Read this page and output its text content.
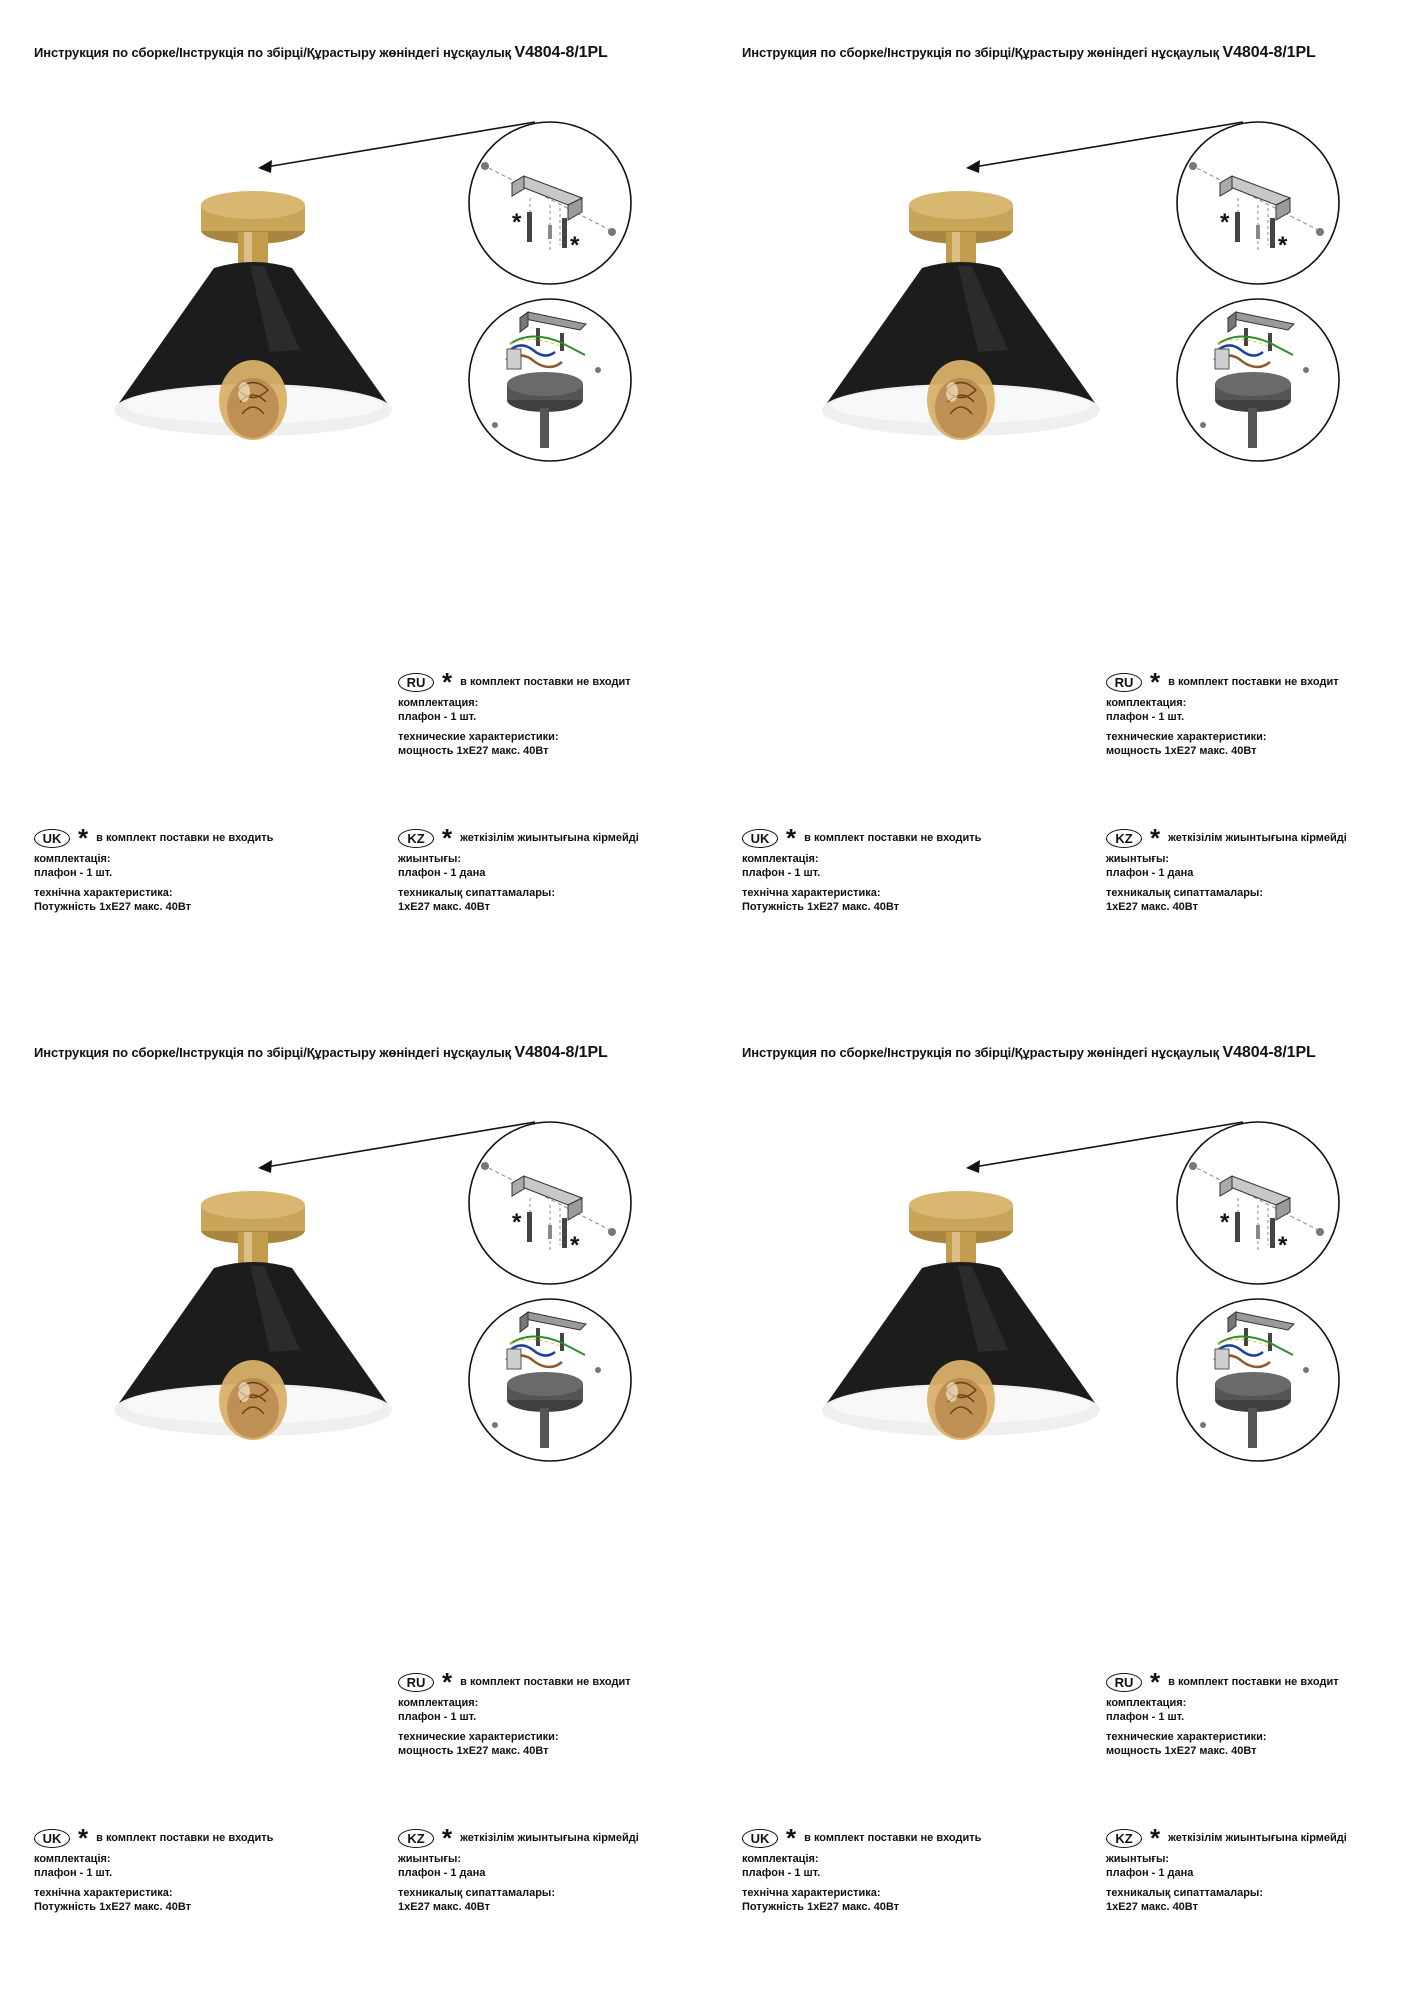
Инструкция по сборке/Інструкція по збірці/Құрастыру жөніндегі нұсқаулық V4804-8/1PL
*
*
RU * в комплект поставки не входит
комплектация:
плафон - 1 шт.
технические характеристики:
мощность 1xE27 макс. 40Вт
UK * в комплект поставки не входить
комплектація:
плафон - 1 шт.
технічна характеристика:
Потужність 1xE27 макс. 40Вт
KZ * жеткізілім жиынтығына кірмейді
жиынтығы:
плафон - 1 дана
техникалық сипаттамалары:
1xE27 макс. 40Вт
Инструкция по сборке/Інструкція по збірці/Құрастыру жөніндегі нұсқаулық V4804-8/1PL
*
*
RU * в комплект поставки не входит
комплектация:
плафон - 1 шт.
технические характеристики:
мощность 1xE27 макс. 40Вт
UK * в комплект поставки не входить
комплектація:
плафон - 1 шт.
технічна характеристика:
Потужність 1xE27 макс. 40Вт
KZ * жеткізілім жиынтығына кірмейді
жиынтығы:
плафон - 1 дана
техникалық сипаттамалары:
1xE27 макс. 40Вт
Инструкция по сборке/Інструкція по збірці/Құрастыру жөніндегі нұсқаулық V4804-8/1PL
*
*
RU * в комплект поставки не входит
комплектация:
плафон - 1 шт.
технические характеристики:
мощность 1xE27 макс. 40Вт
UK * в комплект поставки не входить
комплектація:
плафон - 1 шт.
технічна характеристика:
Потужність 1xE27 макс. 40Вт
KZ * жеткізілім жиынтығына кірмейді
жиынтығы:
плафон - 1 дана
техникалық сипаттамалары:
1xE27 макс. 40Вт
Инструкция по сборке/Інструкція по збірці/Құрастыру жөніндегі нұсқаулық V4804-8/1PL
*
*
RU * в комплект поставки не входит
комплектация:
плафон - 1 шт.
технические характеристики:
мощность 1xE27 макс. 40Вт
UK * в комплект поставки не входить
комплектація:
плафон - 1 шт.
технічна характеристика:
Потужність 1xE27 макс. 40Вт
KZ * жеткізілім жиынтығына кірмейді
жиынтығы:
плафон - 1 дана
техникалық сипаттамалары:
1xE27 макс. 40Вт
